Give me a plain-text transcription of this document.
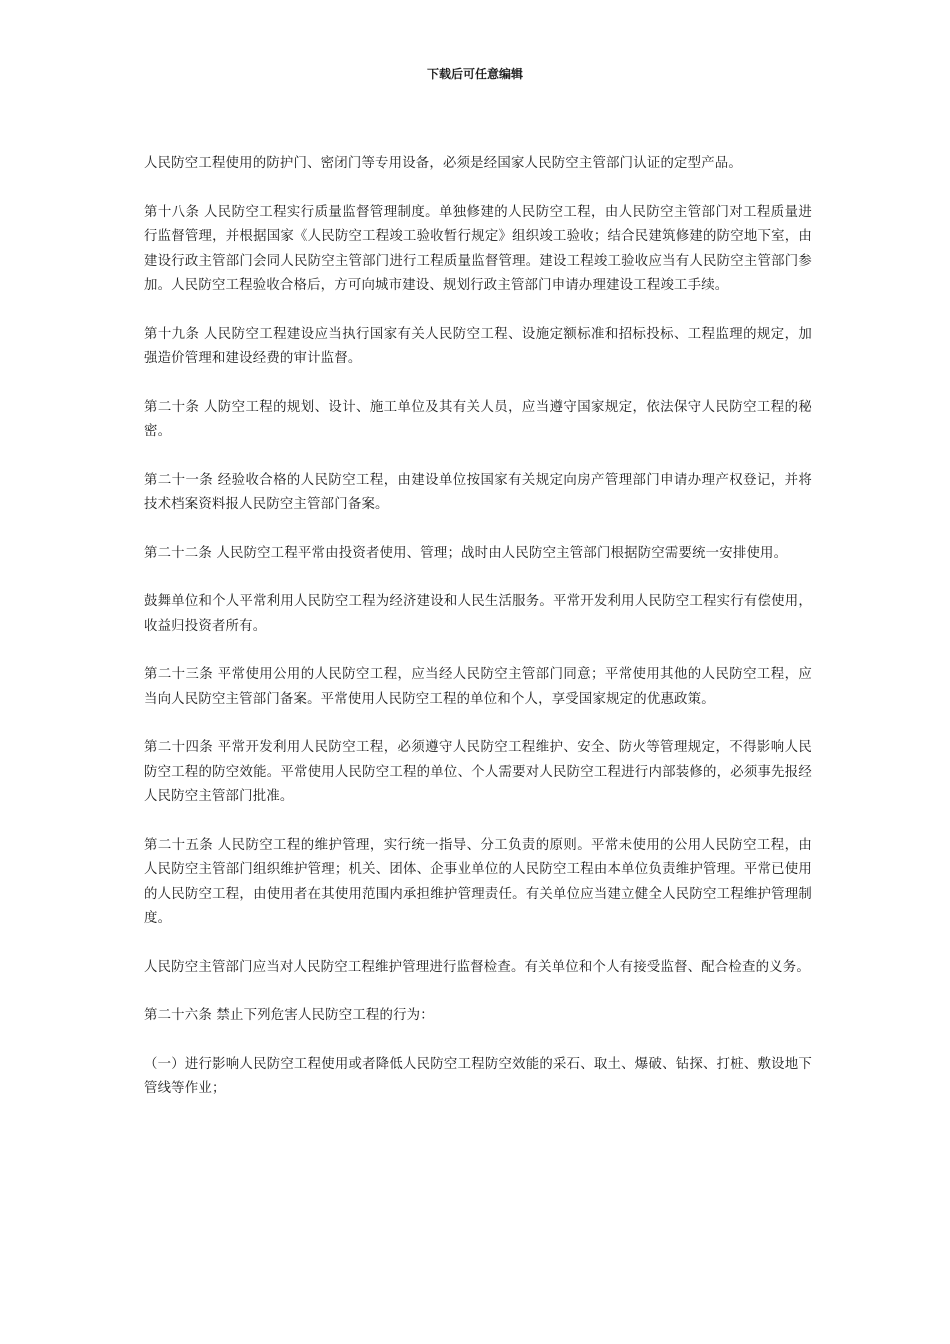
下载后可任意编辑

人民防空工程使用的防护门、密闭门等专用设备，必须是经国家人民防空主管部门认证的定型产品。

第十八条 人民防空工程实行质量监督管理制度。单独修建的人民防空工程，由人民防空主管部门对工程质量进行监督管理，并根据国家《人民防空工程竣工验收暂行规定》组织竣工验收；结合民建筑修建的防空地下室，由建设行政主管部门会同人民防空主管部门进行工程质量监督管理。建设工程竣工验收应当有人民防空主管部门参加。人民防空工程验收合格后，方可向城市建设、规划行政主管部门申请办理建设工程竣工手续。

第十九条 人民防空工程建设应当执行国家有关人民防空工程、设施定额标准和招标投标、工程监理的规定，加强造价管理和建设经费的审计监督。

第二十条 人防空工程的规划、设计、施工单位及其有关人员，应当遵守国家规定，依法保守人民防空工程的秘密。

第二十一条 经验收合格的人民防空工程，由建设单位按国家有关规定向房产管理部门申请办理产权登记，并将技术档案资料报人民防空主管部门备案。

第二十二条 人民防空工程平常由投资者使用、管理；战时由人民防空主管部门根据防空需要统一安排使用。

鼓舞单位和个人平常利用人民防空工程为经济建设和人民生活服务。平常开发利用人民防空工程实行有偿使用，收益归投资者所有。

第二十三条 平常使用公用的人民防空工程，应当经人民防空主管部门同意；平常使用其他的人民防空工程，应当向人民防空主管部门备案。平常使用人民防空工程的单位和个人，享受国家规定的优惠政策。

第二十四条 平常开发利用人民防空工程，必须遵守人民防空工程维护、安全、防火等管理规定，不得影响人民防空工程的防空效能。平常使用人民防空工程的单位、个人需要对人民防空工程进行内部装修的，必须事先报经人民防空主管部门批准。

第二十五条 人民防空工程的维护管理，实行统一指导、分工负责的原则。平常未使用的公用人民防空工程，由人民防空主管部门组织维护管理；机关、团体、企事业单位的人民防空工程由本单位负责维护管理。平常已使用的人民防空工程，由使用者在其使用范围内承担维护管理责任。有关单位应当建立健全人民防空工程维护管理制度。

人民防空主管部门应当对人民防空工程维护管理进行监督检查。有关单位和个人有接受监督、配合检查的义务。

第二十六条 禁止下列危害人民防空工程的行为：

（一）进行影响人民防空工程使用或者降低人民防空工程防空效能的采石、取土、爆破、钻探、打桩、敷设地下管线等作业；
